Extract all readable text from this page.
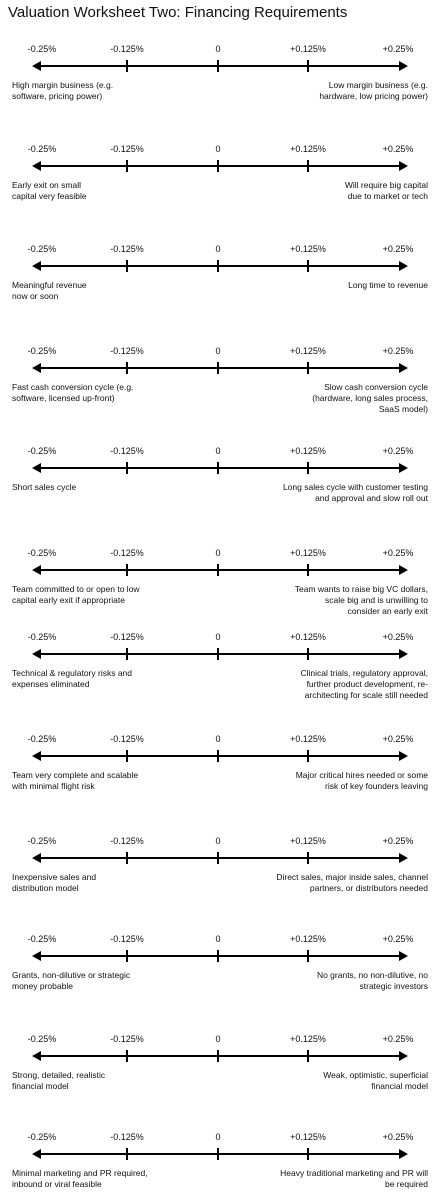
Valuation Worksheet Two: Financing Requirements
-0.25%	-0.125%	0	+0.125%	+0.25%
High margin business (e.g.
software, pricing power)
Low margin business (e.g.
hardware, low pricing power)
-0.25%	-0.125%	0	+0.125%	+0.25%
Early exit on small
capital very feasible
Will require big capital
due to market or tech
-0.25%	-0.125%	0	+0.125%	+0.25%
Meaningful revenue
now or soon
Long time to revenue
-0.25%	-0.125%	0	+0.125%	+0.25%
Fast cash conversion cycle (e.g.
software, licensed up-front)
Slow cash conversion cycle
(hardware, long sales process,
SaaS model)
-0.25%	-0.125%	0	+0.125%	+0.25%
Short sales cycle	Long sales cycle with customer testing
and approval and slow roll out
-0.25%	-0.125%	0	+0.125%	+0.25%
Team committed to or open to low
capital early exit if appropriate
Team wants to raise big VC dollars,
scale big and is unwilling to
consider an early exit
-0.25%	-0.125%	0	+0.125%	+0.25%
Technical & regulatory risks and
expenses eliminated
Clinical trials, regulatory approval,
further product development, re-
architecting for scale still needed
-0.25%	-0.125%	0	+0.125%	+0.25%
Team very complete and scalable
with minimal flight risk
Major critical hires needed or some
risk of key founders leaving
-0.25%	-0.125%	0	+0.125%	+0.25%
Inexpensive sales and
distribution model
Direct sales, major inside sales, channel
partners, or distributors needed
-0.25%	-0.125%	0	+0.125%	+0.25%
Grants, non-dilutive or strategic
money probable
No grants, no non-dilutive, no
strategic investors
-0.25%	-0.125%	0	+0.125%	+0.25%
Strong, detailed, realistic
financial model
Weak, optimistic, superficial
financial model
-0.25%	-0.125%	0	+0.125%	+0.25%
Minimal marketing and PR required,
inbound or viral feasible
Heavy traditional marketing and PR will
be required
